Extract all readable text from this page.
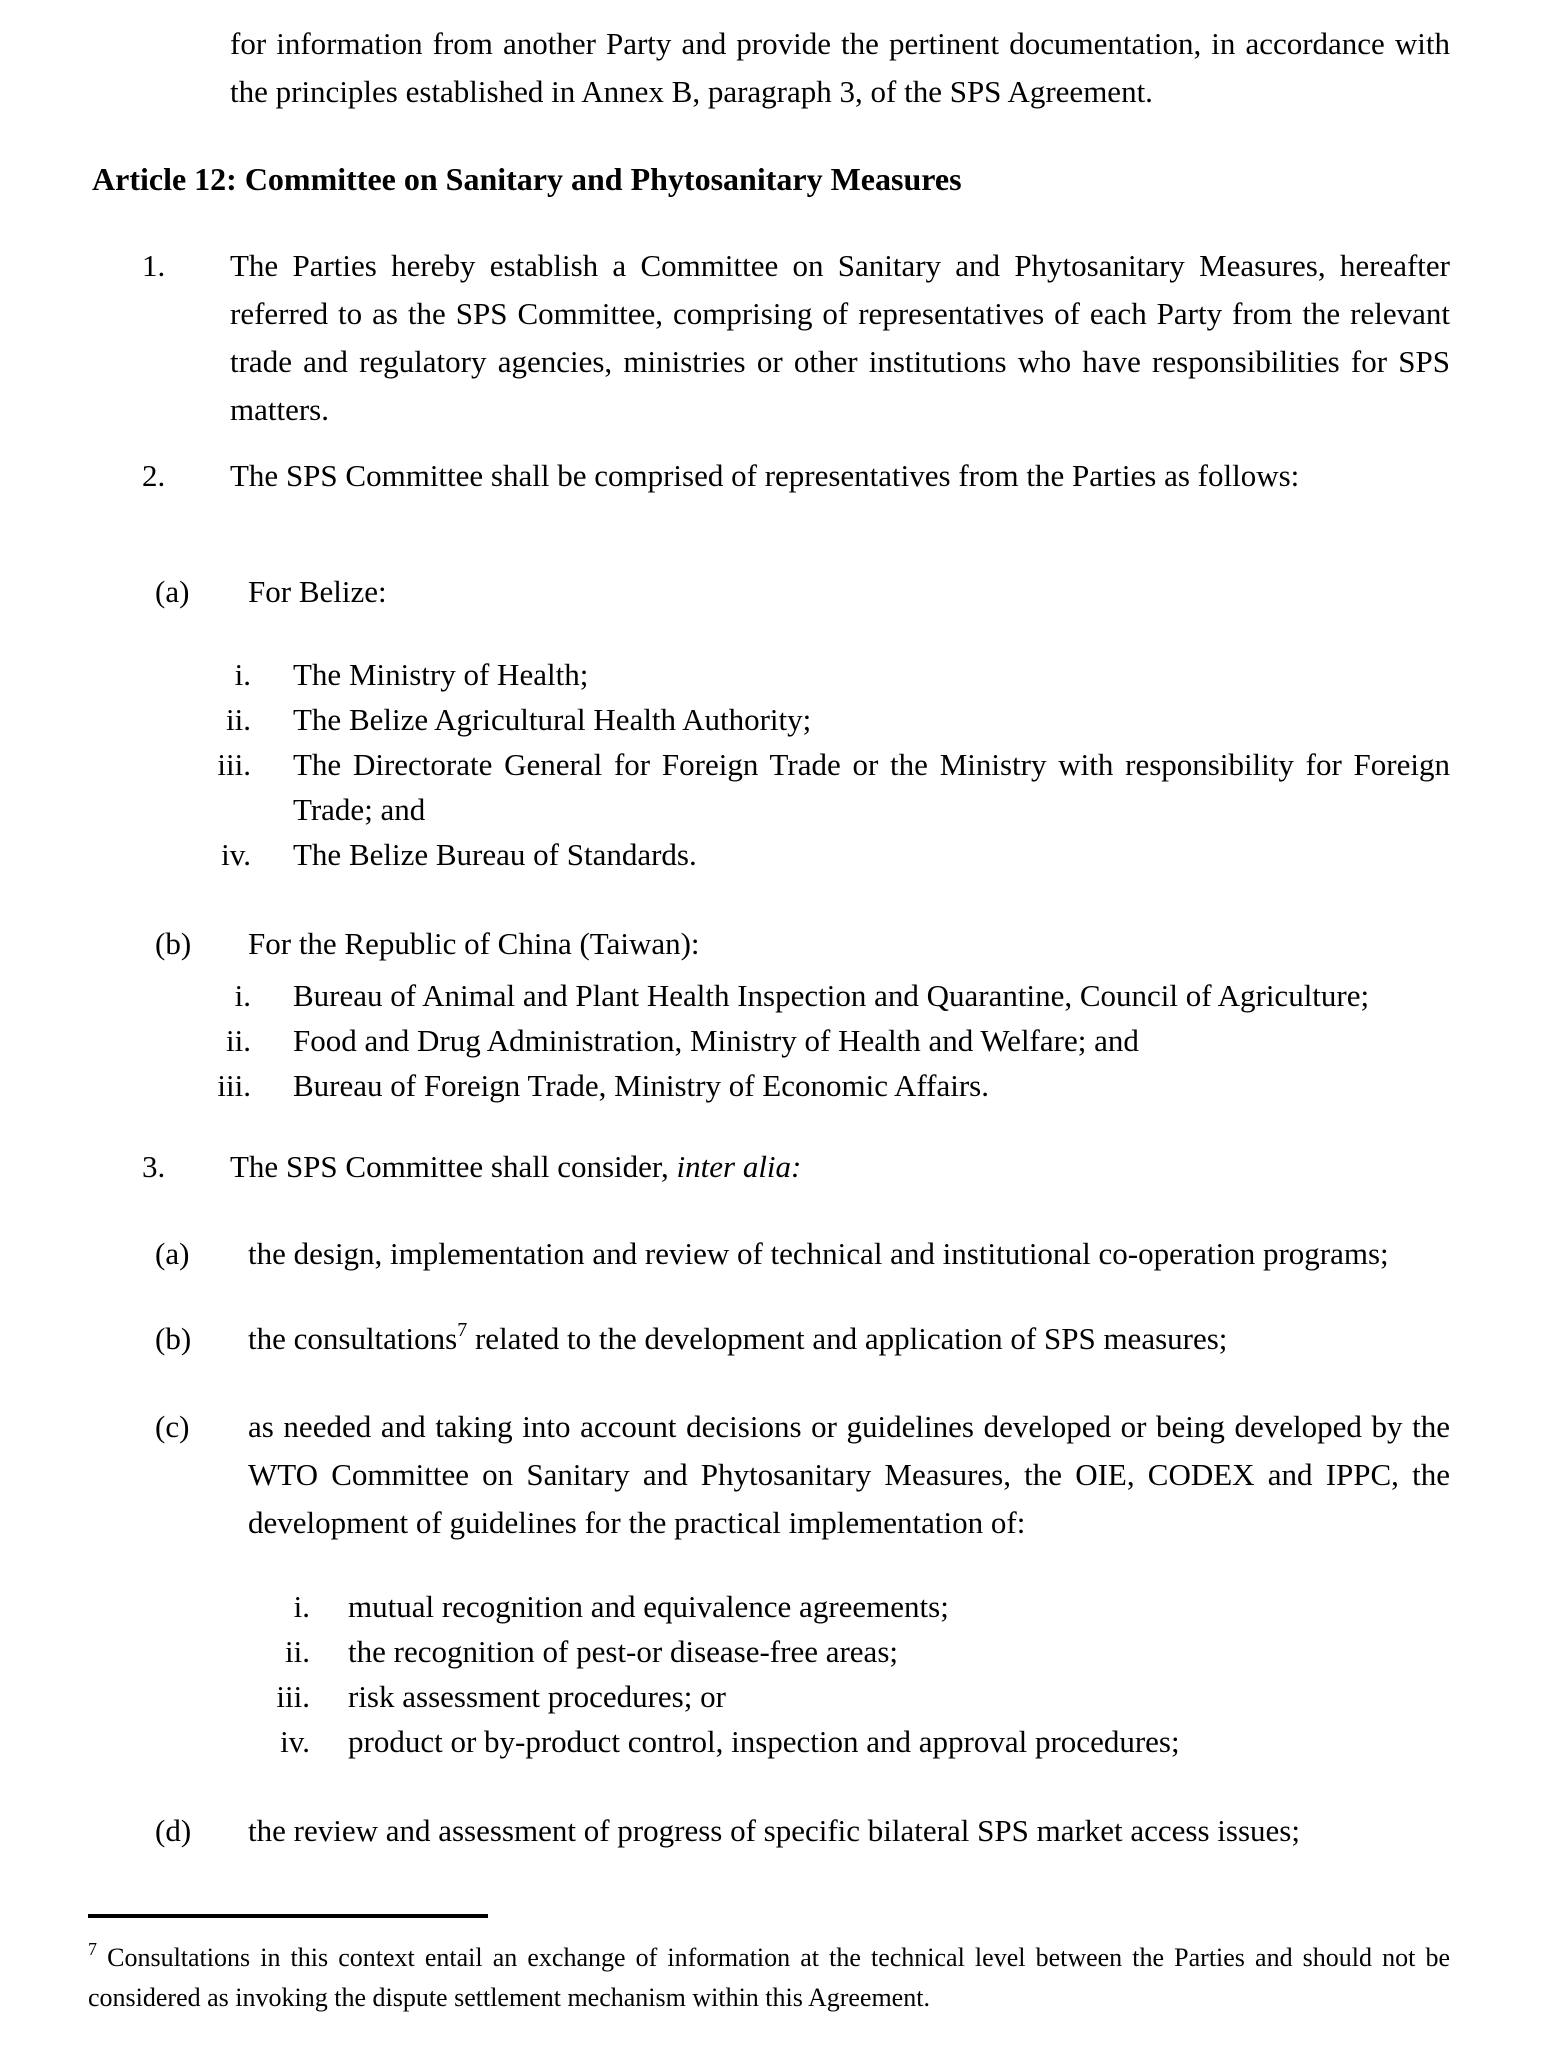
for information from another Party and provide the pertinent documentation, in accordance with the principles established in Annex B, paragraph 3, of the SPS Agreement.

Article 12: Committee on Sanitary and Phytosanitary Measures
1.	The Parties hereby establish a Committee on Sanitary and Phytosanitary Measures, hereafter referred to as the SPS Committee, comprising of representatives of each Party from the relevant trade and regulatory agencies, ministries or other institutions who have responsibilities for SPS matters.
2.	The SPS Committee shall be comprised of representatives from the Parties as follows:
(a)	For Belize:
i.	The Ministry of Health;
ii.	The Belize Agricultural Health Authority;
iii.	The Directorate General for Foreign Trade or the Ministry with responsibility for Foreign Trade; and
iv.	The Belize Bureau of Standards.
(b)	For the Republic of China (Taiwan):
i.	Bureau of Animal and Plant Health Inspection and Quarantine, Council of Agriculture;
ii.	Food and Drug Administration, Ministry of Health and Welfare; and
iii.	Bureau of Foreign Trade, Ministry of Economic Affairs.
3.	The SPS Committee shall consider, inter alia:
(a)	the design, implementation and review of technical and institutional co-operation programs;
(b)	the consultations$^7$ related to the development and application of SPS measures;
(c)	as needed and taking into account decisions or guidelines developed or being developed by the WTO Committee on Sanitary and Phytosanitary Measures, the OIE, CODEX and IPPC, the development of guidelines for the practical implementation of:
i.	mutual recognition and equivalence agreements;
ii.	the recognition of pest-or disease-free areas;
iii.	risk assessment procedures; or
iv.	product or by-product control, inspection and approval procedures;
(d)	the review and assessment of progress of specific bilateral SPS market access issues;

$^7$ Consultations in this context entail an exchange of information at the technical level between the Parties and should not be considered as invoking the dispute settlement mechanism within this Agreement.
